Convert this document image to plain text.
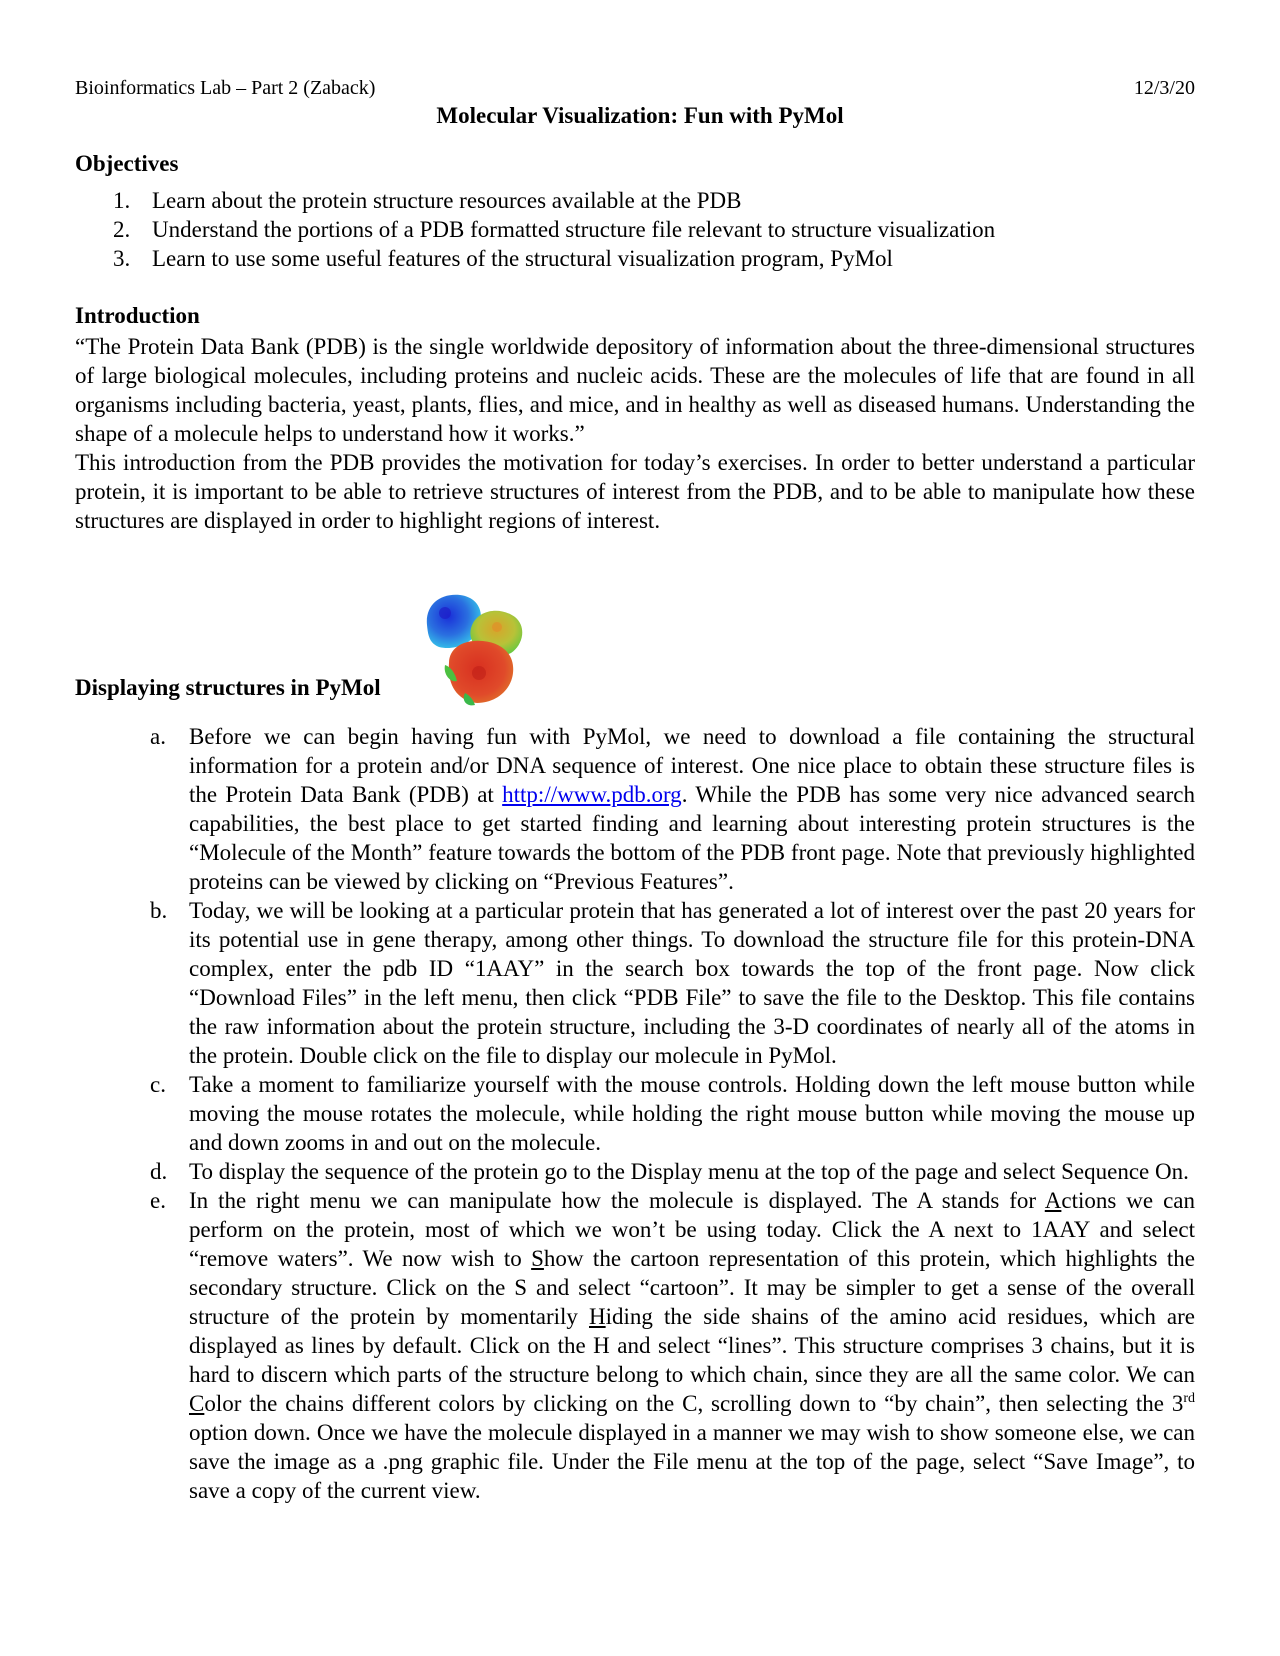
Bioinformatics Lab – Part 2 (Zaback)	12/3/20
Molecular Visualization: Fun with PyMol
Objectives
1. Learn about the protein structure resources available at the PDB
2. Understand the portions of a PDB formatted structure file relevant to structure visualization
3. Learn to use some useful features of the structural visualization program, PyMol
Introduction

“The Protein Data Bank (PDB) is the single worldwide depository of information about the three-dimensional structures of large biological molecules, including proteins and nucleic acids. These are the molecules of life that are found in all organisms including bacteria, yeast, plants, flies, and mice, and in healthy as well as diseased humans. Understanding the shape of a molecule helps to understand how it works.”

This introduction from the PDB provides the motivation for today’s exercises. In order to better understand a particular protein, it is important to be able to retrieve structures of interest from the PDB, and to be able to manipulate how these structures are displayed in order to highlight regions of interest.

Displaying structures in PyMol
a. Before we can begin having fun with PyMol, we need to download a file containing the structural information for a protein and/or DNA sequence of interest. One nice place to obtain these structure files is the Protein Data Bank (PDB) at http://www.pdb.org. While the PDB has some very nice advanced search capabilities, the best place to get started finding and learning about interesting protein structures is the “Molecule of the Month” feature towards the bottom of the PDB front page. Note that previously highlighted proteins can be viewed by clicking on “Previous Features”.
b. Today, we will be looking at a particular protein that has generated a lot of interest over the past 20 years for its potential use in gene therapy, among other things. To download the structure file for this protein-DNA complex, enter the pdb ID “1AAY” in the search box towards the top of the front page. Now click “Download Files” in the left menu, then click “PDB File” to save the file to the Desktop. This file contains the raw information about the protein structure, including the 3-D coordinates of nearly all of the atoms in the protein. Double click on the file to display our molecule in PyMol.
c. Take a moment to familiarize yourself with the mouse controls. Holding down the left mouse button while moving the mouse rotates the molecule, while holding the right mouse button while moving the mouse up and down zooms in and out on the molecule.
d. To display the sequence of the protein go to the Display menu at the top of the page and select Sequence On.
e. In the right menu we can manipulate how the molecule is displayed. The A stands for Actions we can perform on the protein, most of which we won’t be using today. Click the A next to 1AAY and select “remove waters”. We now wish to Show the cartoon representation of this protein, which highlights the secondary structure. Click on the S and select “cartoon”. It may be simpler to get a sense of the overall structure of the protein by momentarily Hiding the side shains of the amino acid residues, which are displayed as lines by default. Click on the H and select “lines”. This structure comprises 3 chains, but it is hard to discern which parts of the structure belong to which chain, since they are all the same color. We can Color the chains different colors by clicking on the C, scrolling down to “by chain”, then selecting the 3rd option down. Once we have the molecule displayed in a manner we may wish to show someone else, we can save the image as a .png graphic file. Under the File menu at the top of the page, select “Save Image”, to save a copy of the current view.
